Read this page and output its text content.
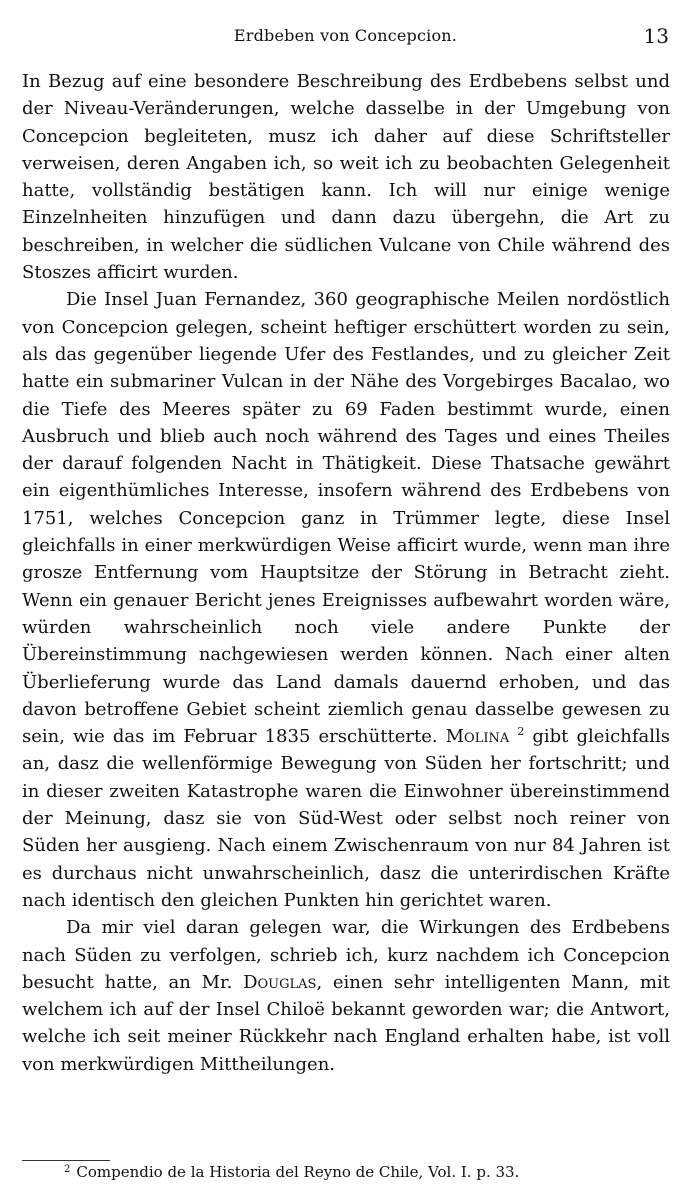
Erdbeben von Concepcion.	13

In Bezug auf eine besondere Beschreibung des Erdbebens selbst und der Niveau-Veränderungen, welche dasselbe in der Umgebung von Concepcion begleiteten, musz ich daher auf diese Schriftsteller verweisen, deren Angaben ich, so weit ich zu beobachten Gelegenheit hatte, vollständig bestätigen kann. Ich will nur einige wenige Einzelnheiten hinzufügen und dann dazu übergehn, die Art zu beschreiben, in welcher die südlichen Vulcane von Chile während des Stoszes afficirt wurden.

Die Insel Juan Fernandez, 360 geographische Meilen nordöstlich von Concepcion gelegen, scheint heftiger erschüttert worden zu sein, als das gegenüber liegende Ufer des Festlandes, und zu gleicher Zeit hatte ein submariner Vulcan in der Nähe des Vorgebirges Bacalao, wo die Tiefe des Meeres später zu 69 Faden bestimmt wurde, einen Ausbruch und blieb auch noch während des Tages und eines Theiles der darauf folgenden Nacht in Thätigkeit. Diese Thatsache gewährt ein eigenthümliches Interesse, insofern während des Erdbebens von 1751, welches Concepcion ganz in Trümmer legte, diese Insel gleichfalls in einer merkwürdigen Weise afficirt wurde, wenn man ihre grosze Entfernung vom Hauptsitze der Störung in Betracht zieht. Wenn ein genauer Bericht jenes Ereignisses aufbewahrt worden wäre, würden wahrscheinlich noch viele andere Punkte der Übereinstimmung nachgewiesen werden können. Nach einer alten Überlieferung wurde das Land damals dauernd erhoben, und das davon betroffene Gebiet scheint ziemlich genau dasselbe gewesen zu sein, wie das im Februar 1835 erschütterte. Molina $^2$ gibt gleichfalls an, dasz die wellenförmige Bewegung von Süden her fortschritt; und in dieser zweiten Katastrophe waren die Einwohner übereinstimmend der Meinung, dasz sie von Süd-West oder selbst noch reiner von Süden her ausgieng. Nach einem Zwischenraum von nur 84 Jahren ist es durchaus nicht unwahrscheinlich, dasz die unterirdischen Kräfte nach identisch den gleichen Punkten hin gerichtet waren.

Da mir viel daran gelegen war, die Wirkungen des Erdbebens nach Süden zu verfolgen, schrieb ich, kurz nachdem ich Concepcion besucht hatte, an Mr. Douglas, einen sehr intelligenten Mann, mit welchem ich auf der Insel Chiloë bekannt geworden war; die Antwort, welche ich seit meiner Rückkehr nach England erhalten habe, ist voll von merkwürdigen Mittheilungen.

$^2$ Compendio de la Historia del Reyno de Chile, Vol. I. p. 33.
